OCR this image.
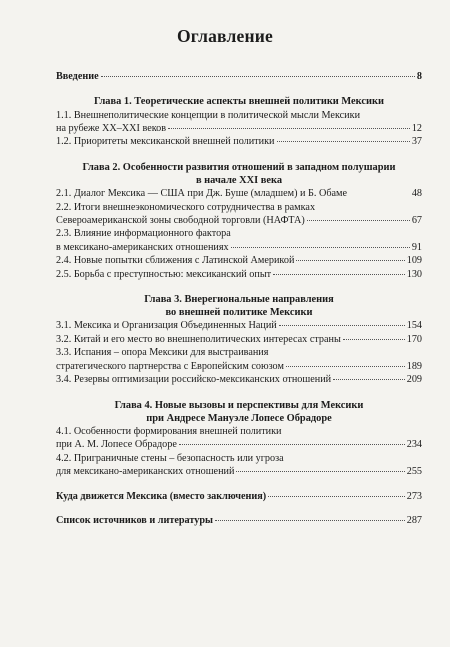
Оглавление
Введение	8
Глава 1. Теоретические аспекты внешней политики Мексики
1.1. Внешнеполитические концепции в политической мысли Мексики
на рубеже XX–XXI веков	12
1.2. Приоритеты мексиканской внешней политики	37
Глава 2. Особенности развития отношений в западном полушарии
в начале XXI века
2.1. Диалог Мексика — США при Дж. Буше (младшем) и Б. Обаме	48
2.2. Итоги внешнеэкономического сотрудничества в рамках
Североамериканской зоны свободной торговли (НАФТА)	67
2.3. Влияние информационного фактора
в мексикано-американских отношениях	91
2.4. Новые попытки сближения с Латинской Америкой	109
2.5. Борьба с преступностью: мексиканский опыт	130
Глава 3. Внерегиональные направления
во внешней политике Мексики
3.1. Мексика и Организация Объединенных Наций	154
3.2. Китай и его место во внешнеполитических интересах страны	170
3.3. Испания – опора Мексики для выстраивания
стратегического партнерства с Европейским союзом	189
3.4. Резервы оптимизации российско-мексиканских отношений	209
Глава 4. Новые вызовы и перспективы для Мексики
при Андресе Мануэле Лопесе Обрадоре
4.1. Особенности формирования внешней политики
при А. М. Лопесе Обрадоре	234
4.2. Приграничные стены – безопасность или угроза
для мексикано-американских отношений	255
Куда движется Мексика (вместо заключения)	273
Список источников и литературы	287
